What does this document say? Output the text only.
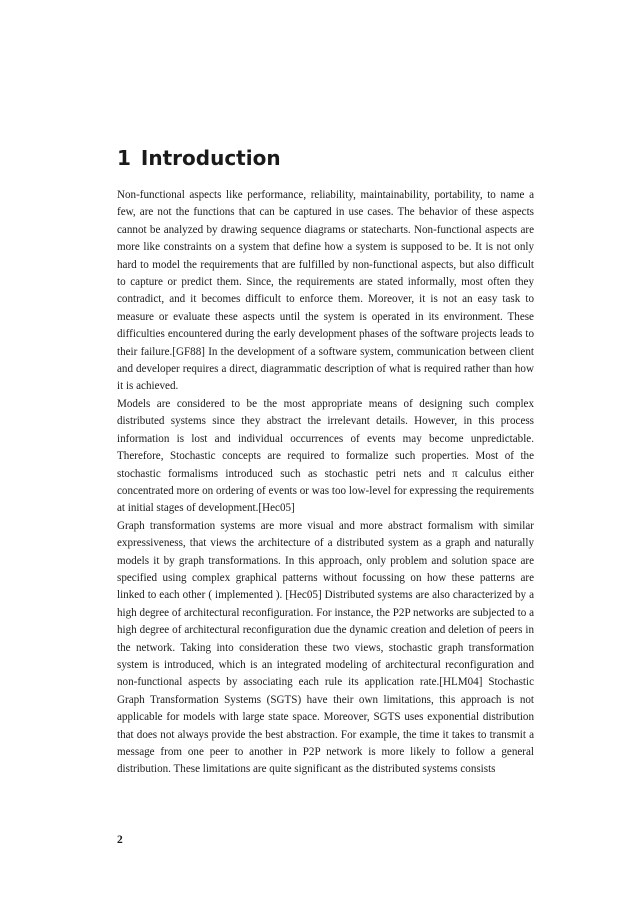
1 Introduction

Non-functional aspects like performance, reliability, maintainability, portability, to name a few, are not the functions that can be captured in use cases. The behavior of these aspects cannot be analyzed by drawing sequence diagrams or statecharts. Non-functional aspects are more like constraints on a system that define how a system is supposed to be. It is not only hard to model the requirements that are fulfilled by non-functional aspects, but also difficult to capture or predict them. Since, the requirements are stated informally, most often they contradict, and it becomes difficult to enforce them. Moreover, it is not an easy task to measure or evaluate these aspects until the system is operated in its environment. These difficulties encountered during the early development phases of the software projects leads to their failure.[GF88] In the development of a software system, communication between client and developer requires a direct, diagrammatic description of what is required rather than how it is achieved.

Models are considered to be the most appropriate means of designing such complex distributed systems since they abstract the irrelevant details. However, in this process information is lost and individual occurrences of events may become unpredictable. Therefore, Stochastic concepts are required to formalize such properties. Most of the stochastic formalisms introduced such as stochastic petri nets and π calculus either concentrated more on ordering of events or was too low-level for expressing the requirements at initial stages of development.[Hec05]

Graph transformation systems are more visual and more abstract formalism with similar expressiveness, that views the architecture of a distributed system as a graph and naturally models it by graph transformations. In this approach, only problem and solution space are specified using complex graphical patterns without focussing on how these patterns are linked to each other ( implemented ). [Hec05] Distributed systems are also characterized by a high degree of architectural reconfiguration. For instance, the P2P networks are subjected to a high degree of architectural reconfiguration due the dynamic creation and deletion of peers in the network. Taking into consideration these two views, stochastic graph transformation system is introduced, which is an integrated modeling of architectural reconfiguration and non-functional aspects by associating each rule its application rate.[HLM04] Stochastic Graph Transformation Systems (SGTS) have their own limitations, this approach is not applicable for models with large state space. Moreover, SGTS uses exponential distribution that does not always provide the best abstraction. For example, the time it takes to transmit a message from one peer to another in P2P network is more likely to follow a general distribution. These limitations are quite significant as the distributed systems consists

2
